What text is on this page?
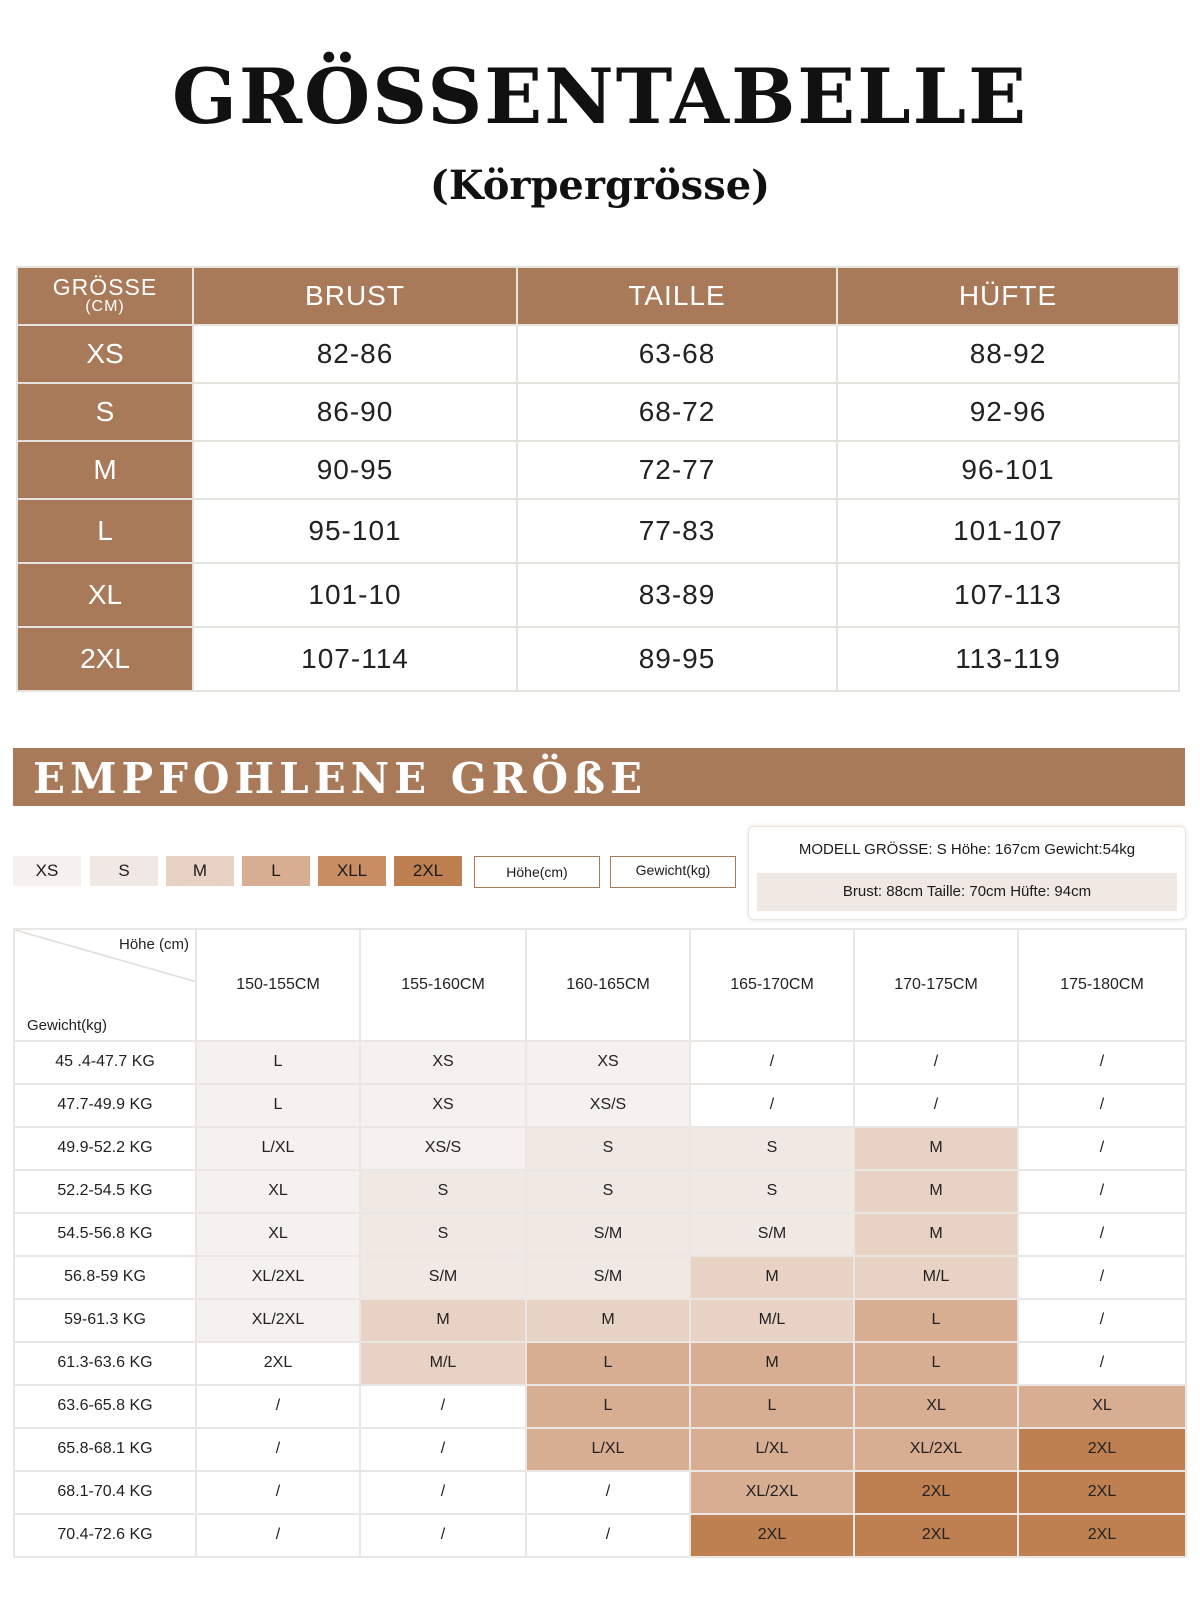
GRÖSSENTABELLE
(Körpergrösse)
GRÖSSE
(CM)	BRUST	TAILLE	HÜFTE
XS	82-86	63-68	88-92
S	86-90	68-72	92-96
M	90-95	72-77	96-101
L	95-101	77-83	101-107
XL	101-10	83-89	107-113
2XL	107-114	89-95	113-119
EMPFOHLENE GRÖßE
XS	S	M	L	XLL	2XL	Höhe(cm)	Gewicht(kg)
MODELL GRÖSSE: S Höhe: 167cm Gewicht:54kg
Brust: 88cm Taille: 70cm Hüfte: 94cm
Höhe (cm)
Gewicht(kg)	150-155CM	155-160CM	160-165CM	165-170CM	170-175CM	175-180CM
45 .4-47.7 KG	L	XS	XS	/	/	/
47.7-49.9 KG	L	XS	XS/S	/	/	/
49.9-52.2 KG	L/XL	XS/S	S	S	M	/
52.2-54.5 KG	XL	S	S	S	M	/
54.5-56.8 KG	XL	S	S/M	S/M	M	/
56.8-59 KG	XL/2XL	S/M	S/M	M	M/L	/
59-61.3 KG	XL/2XL	M	M	M/L	L	/
61.3-63.6 KG	2XL	M/L	L	M	L	/
63.6-65.8 KG	/	/	L	L	XL	XL
65.8-68.1 KG	/	/	L/XL	L/XL	XL/2XL	2XL
68.1-70.4 KG	/	/	/	XL/2XL	2XL	2XL
70.4-72.6 KG	/	/	/	2XL	2XL	2XL
